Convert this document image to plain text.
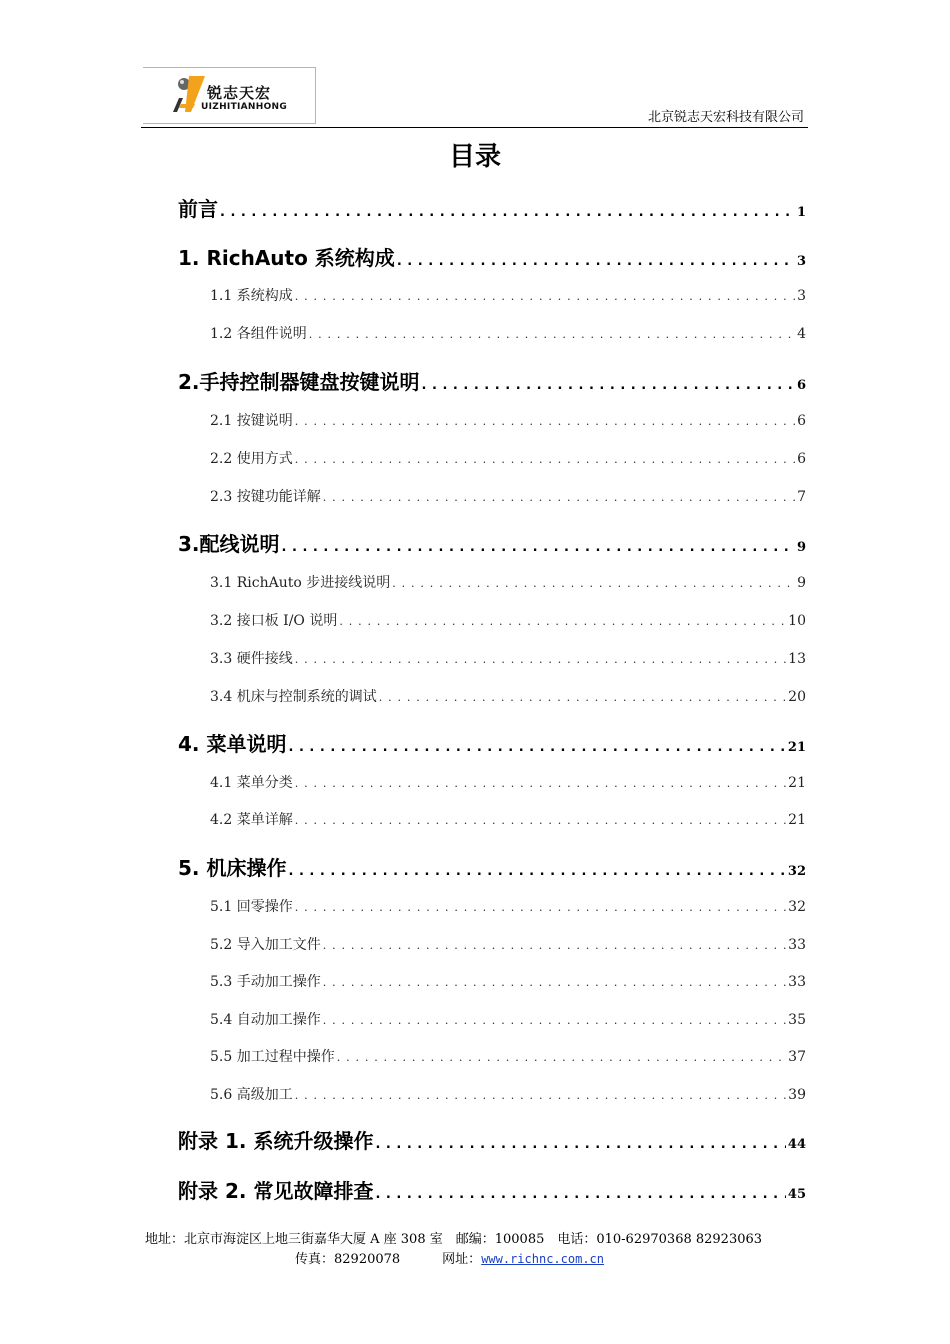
锐志天宏
UIZHITIANHONG
北京锐志天宏科技有限公司
目录
前言 . . .	1
1. RichAuto 系统构成 . . .	3
1.1 系统构成 . . .	3
1.2 各组件说明 . . .	4
2.手持控制器键盘按键说明 . . .	6
2.1 按键说明 . . .	6
2.2 使用方式 . . .	6
2.3 按键功能详解 . . .	7
3.配线说明 . . .	9
3.1 RichAuto 步进接线说明 . . .	9
3.2 接口板 I/O 说明 . . .	10
3.3 硬件接线 . . .	13
3.4 机床与控制系统的调试 . . .	20
4. 菜单说明 . . .	21
4.1 菜单分类 . . .	21
4.2 菜单详解 . . .	21
5. 机床操作 . . .	32
5.1 回零操作 . . .	32
5.2 导入加工文件 . . .	33
5.3 手动加工操作 . . .	33
5.4 自动加工操作 . . .	35
5.5 加工过程中操作 . . .	37
5.6 高级加工 . . .	39
附录 1. 系统升级操作 . . .	44
附录 2. 常见故障排查 . . .	45
地址：北京市海淀区上地三街嘉华大厦 A 座 308 室　邮编：100085　电话：010-62970368 82923063
传真：82920078	网址：www.richnc.com.cn
